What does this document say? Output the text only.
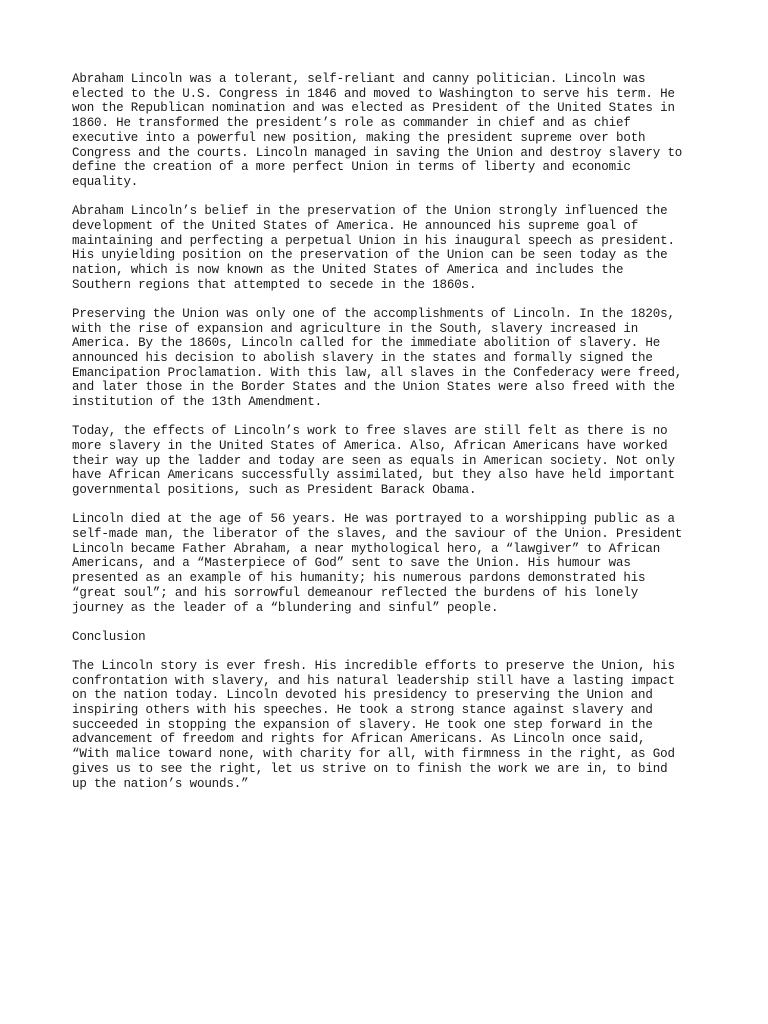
Abraham Lincoln was a tolerant, self-reliant and canny politician. Lincoln was
elected to the U.S. Congress in 1846 and moved to Washington to serve his term. He
won the Republican nomination and was elected as President of the United States in
1860. He transformed the president’s role as commander in chief and as chief
executive into a powerful new position, making the president supreme over both
Congress and the courts. Lincoln managed in saving the Union and destroy slavery to
define the creation of a more perfect Union in terms of liberty and economic
equality.

Abraham Lincoln’s belief in the preservation of the Union strongly influenced the
development of the United States of America. He announced his supreme goal of
maintaining and perfecting a perpetual Union in his inaugural speech as president.
His unyielding position on the preservation of the Union can be seen today as the
nation, which is now known as the United States of America and includes the
Southern regions that attempted to secede in the 1860s.

Preserving the Union was only one of the accomplishments of Lincoln. In the 1820s,
with the rise of expansion and agriculture in the South, slavery increased in
America. By the 1860s, Lincoln called for the immediate abolition of slavery. He
announced his decision to abolish slavery in the states and formally signed the
Emancipation Proclamation. With this law, all slaves in the Confederacy were freed,
and later those in the Border States and the Union States were also freed with the
institution of the 13th Amendment.

Today, the effects of Lincoln’s work to free slaves are still felt as there is no
more slavery in the United States of America. Also, African Americans have worked
their way up the ladder and today are seen as equals in American society. Not only
have African Americans successfully assimilated, but they also have held important
governmental positions, such as President Barack Obama.

Lincoln died at the age of 56 years. He was portrayed to a worshipping public as a
self-made man, the liberator of the slaves, and the saviour of the Union. President
Lincoln became Father Abraham, a near mythological hero, a “lawgiver” to African
Americans, and a “Masterpiece of God” sent to save the Union. His humour was
presented as an example of his humanity; his numerous pardons demonstrated his
“great soul”; and his sorrowful demeanour reflected the burdens of his lonely
journey as the leader of a “blundering and sinful” people.

Conclusion

The Lincoln story is ever fresh. His incredible efforts to preserve the Union, his
confrontation with slavery, and his natural leadership still have a lasting impact
on the nation today. Lincoln devoted his presidency to preserving the Union and
inspiring others with his speeches. He took a strong stance against slavery and
succeeded in stopping the expansion of slavery. He took one step forward in the
advancement of freedom and rights for African Americans. As Lincoln once said,
“With malice toward none, with charity for all, with firmness in the right, as God
gives us to see the right, let us strive on to finish the work we are in, to bind
up the nation’s wounds.”
